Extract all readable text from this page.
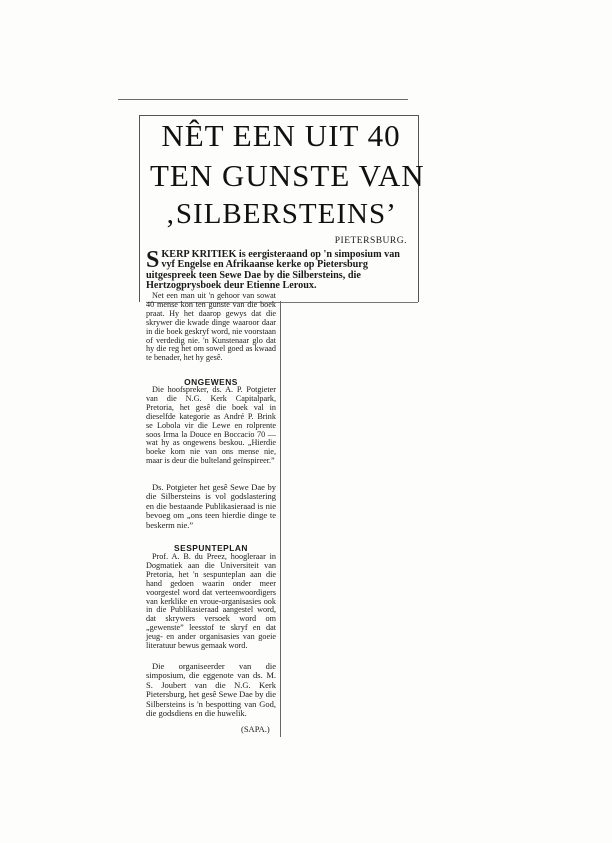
NÊT EEN UIT 40
TEN GUNSTE VAN
‚SILBERSTEINS’
PIETERSBURG.
S KERP KRITIEK is eergisteraand op 'n simposium van vyf Engelse en Afrikaanse kerke op Pietersburg uitgespreek teen Sewe Dae by die Silbersteins, die Hertzogprysboek deur Etienne Leroux.

Net een man uit 'n gehoor van sowat 40 mense kon ten gunste van die boek praat. Hy het daarop gewys dat die skrywer die kwade dinge waaroor daar in die boek geskryf word, nie voorstaan of verdedig nie. 'n Kunstenaar glo dat hy die reg het om sowel goed as kwaad te benader, het hy gesê.

ONGEWENS

Die hoofspreker, ds. A. P. Potgieter van die N.G. Kerk Capitalpark, Pretoria, het gesê die boek val in dieselfde kategorie as André P. Brink se Lobola vir die Lewe en rolprente soos Irma la Douce en Boccacio 70 — wat hy as ongewens beskou. „Hierdie boeke kom nie van ons mense nie, maar is deur die bulteland geïnspireer.”

Ds. Potgieter het gesê Sewe Dae by die Silbersteins is vol godslastering en die bestaande Publikasieraad is nie bevoeg om „ons teen hierdie dinge te beskerm nie.”

SESPUNTEPLAN

Prof. A. B. du Preez, hoogleraar in Dogmatiek aan die Universiteit van Pretoria, het 'n sespunteplan aan die hand gedoen waarin onder meer voorgestel word dat verteenwoordigers van kerklike en vroue-organisasies ook in die Publikasieraad aangestel word, dat skrywers versoek word om „gewenste” leesstof te skryf en dat jeug- en ander organisasies van goeie literatuur bewus gemaak word.

Die organiseerder van die simposium, die eggenote van ds. M. S. Joubert van die N.G. Kerk Pietersburg, het gesê Sewe Dae by die Silbersteins is 'n bespotting van God, die godsdiens en die huwelik.

(SAPA.)
